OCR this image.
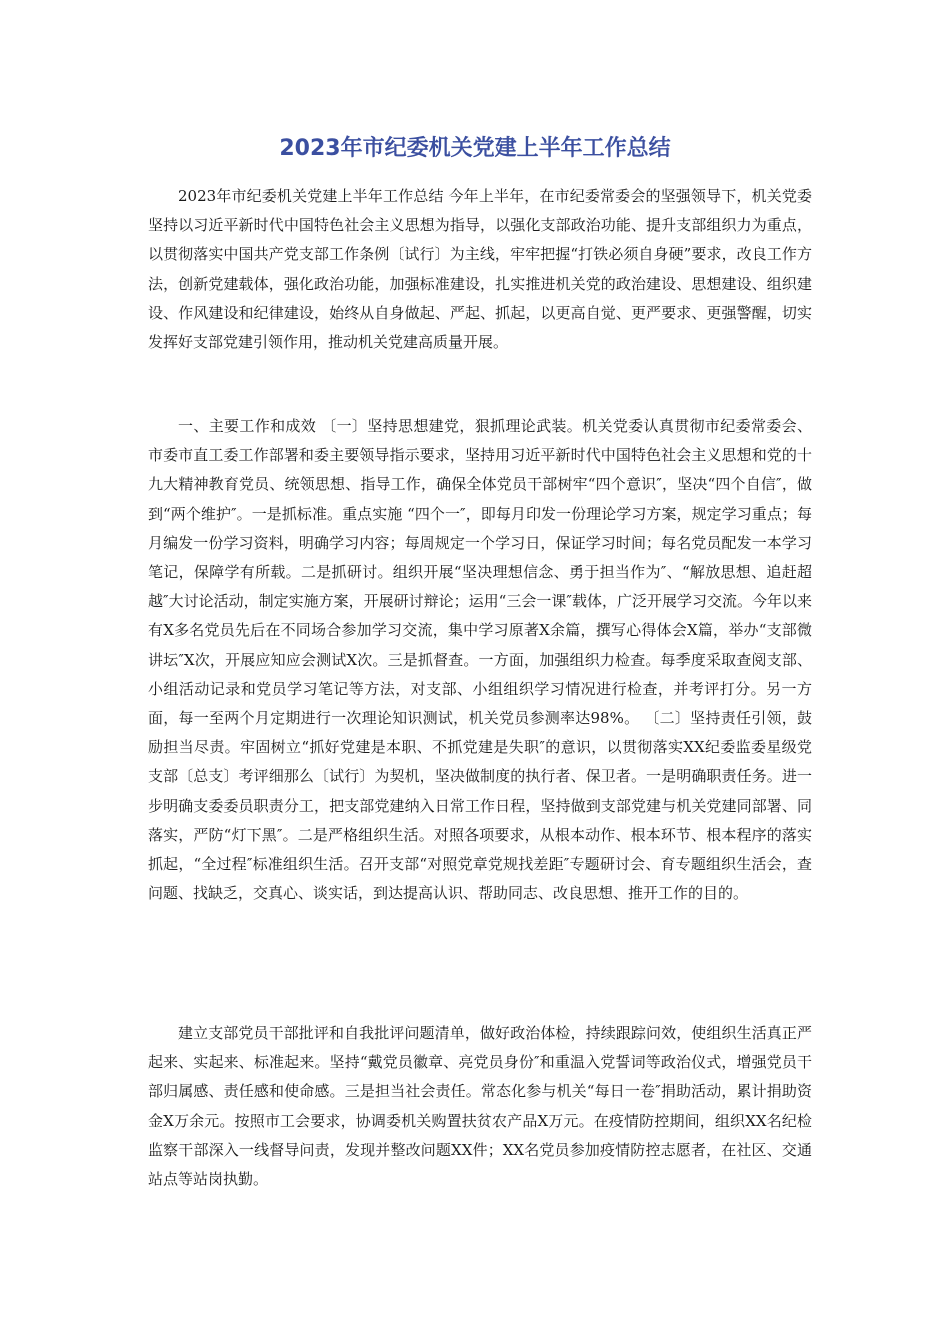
2023年市纪委机关党建上半年工作总结

2023年市纪委机关党建上半年工作总结 今年上半年，在市纪委常委会的坚强领导下，机关党委坚持以习近平新时代中国特色社会主义思想为指导，以强化支部政治功能、提升支部组织力为重点，以贯彻落实中国共产党支部工作条例〔试行〕为主线，牢牢把握“打铁必须自身硬”要求，改良工作方法，创新党建载体，强化政治功能，加强标准建设，扎实推进机关党的政治建设、思想建设、组织建设、作风建设和纪律建设，始终从自身做起、严起、抓起，以更高自觉、更严要求、更强警醒，切实发挥好支部党建引领作用，推动机关党建高质量开展。

一、主要工作和成效 〔一〕坚持思想建党，狠抓理论武装。机关党委认真贯彻市纪委常委会、市委市直工委工作部署和委主要领导指示要求，坚持用习近平新时代中国特色社会主义思想和党的十九大精神教育党员、统领思想、指导工作，确保全体党员干部树牢“四个意识″，坚决“四个自信″，做到“两个维护″。一是抓标准。重点实施 “四个一″，即每月印发一份理论学习方案，规定学习重点；每月编发一份学习资料，明确学习内容；每周规定一个学习日，保证学习时间；每名党员配发一本学习笔记，保障学有所载。二是抓研讨。组织开展“坚决理想信念、勇于担当作为″、“解放思想、追赶超越″大讨论活动，制定实施方案，开展研讨辩论；运用“三会一课″载体，广泛开展学习交流。今年以来有X多名党员先后在不同场合参加学习交流，集中学习原著X余篇，撰写心得体会X篇，举办“支部微讲坛″X次，开展应知应会测试X次。三是抓督查。一方面，加强组织力检查。每季度采取查阅支部、小组活动记录和党员学习笔记等方法，对支部、小组组织学习情况进行检查，并考评打分。另一方面，每一至两个月定期进行一次理论知识测试，机关党员参测率达98%。 〔二〕坚持责任引领，鼓励担当尽责。牢固树立“抓好党建是本职、不抓党建是失职″的意识，以贯彻落实XX纪委监委星级党支部〔总支〕考评细那么〔试行〕为契机，坚决做制度的执行者、保卫者。一是明确职责任务。进一步明确支委委员职责分工，把支部党建纳入日常工作日程，坚持做到支部党建与机关党建同部署、同落实，严防“灯下黑″。二是严格组织生活。对照各项要求，从根本动作、根本环节、根本程序的落实抓起，“全过程″标准组织生活。召开支部“对照党章党规找差距″专题研讨会、育专题组织生活会，查问题、找缺乏，交真心、谈实话，到达提高认识、帮助同志、改良思想、推开工作的目的。

建立支部党员干部批评和自我批评问题清单，做好政治体检，持续跟踪问效，使组织生活真正严起来、实起来、标准起来。坚持“戴党员徽章、亮党员身份″和重温入党誓词等政治仪式，增强党员干部归属感、责任感和使命感。三是担当社会责任。常态化参与机关“每日一卷″捐助活动，累计捐助资金X万余元。按照市工会要求，协调委机关购置扶贫农产品X万元。在疫情防控期间，组织XX名纪检监察干部深入一线督导问责，发现并整改问题XX件；XX名党员参加疫情防控志愿者，在社区、交通站点等站岗执勤。
